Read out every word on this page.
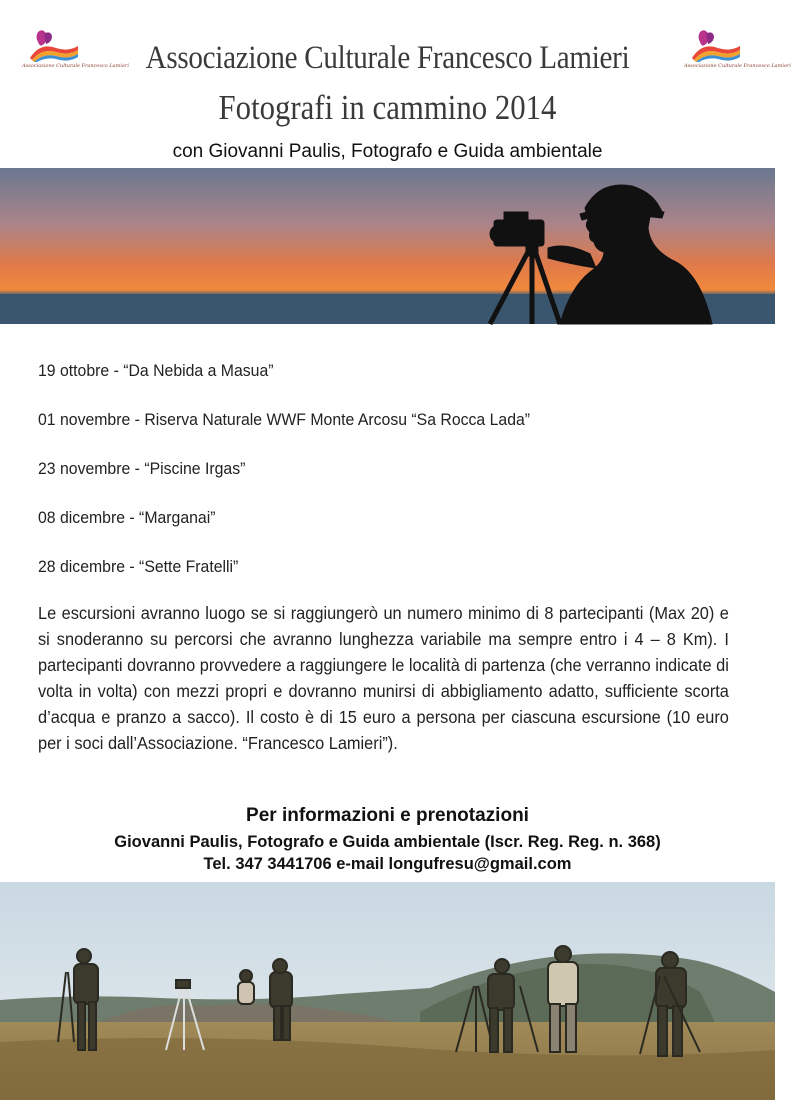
Associazione Culturale Francesco Lamieri	Associazione Culturale Francesco Lamieri
Associazione Culturale Francesco Lamieri
Fotografi in cammino 2014
con Giovanni Paulis, Fotografo e Guida ambientale
19 ottobre - “Da Nebida a Masua”
01 novembre - Riserva Naturale WWF Monte Arcosu “Sa Rocca Lada”
23 novembre - “Piscine Irgas”
08 dicembre - “Marganai”
28 dicembre - “Sette Fratelli”
Le escursioni avranno luogo se si raggiungerò un numero minimo di 8 partecipanti (Max 20) e si snoderanno su percorsi che avranno lunghezza variabile ma sempre entro i 4 – 8 Km). I partecipanti dovranno provvedere a raggiungere le località di partenza (che verranno indicate di volta in volta) con mezzi propri e dovranno munirsi di abbigliamento adatto, sufficiente scorta d’acqua e pranzo a sacco). Il costo è di 15 euro a persona per ciascuna escursione (10 euro per i soci dall’Associazione. “Francesco Lamieri”).
Per informazioni e prenotazioni
Giovanni Paulis, Fotografo e Guida ambientale (Iscr. Reg. Reg. n. 368)
Tel. 347 3441706 e-mail longufresu@gmail.com
